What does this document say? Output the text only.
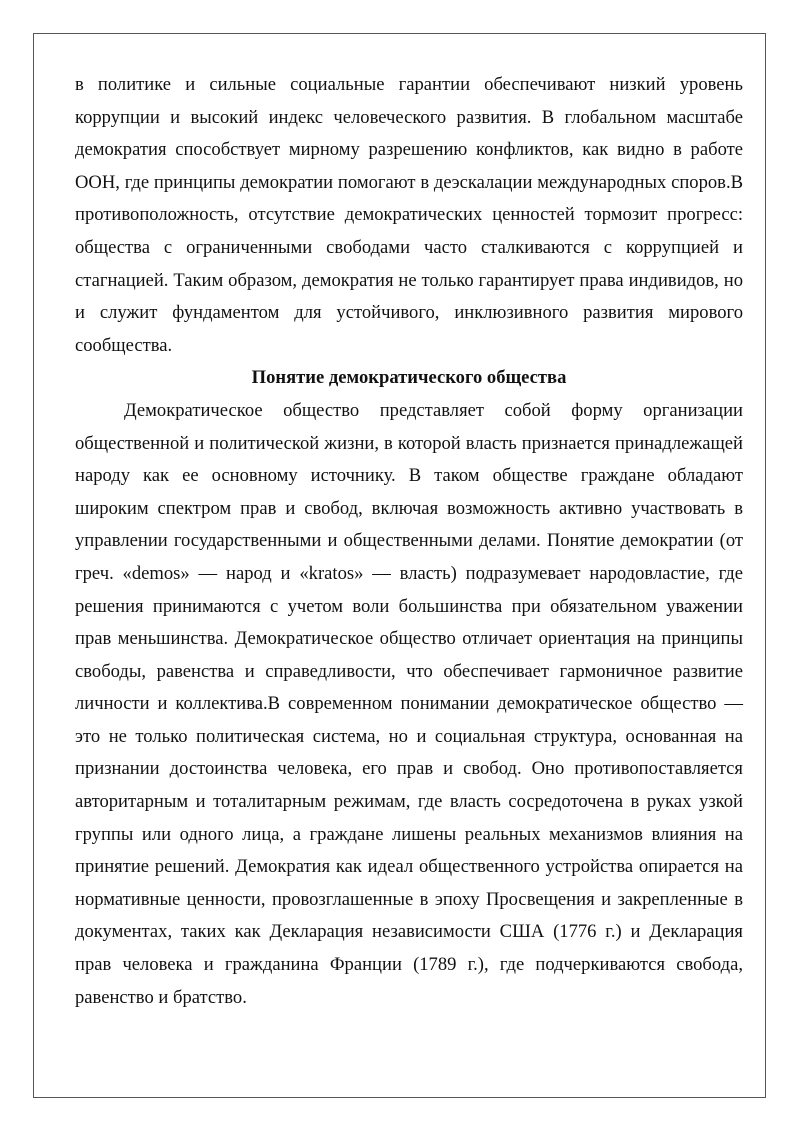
в политике и сильные социальные гарантии обеспечивают низкий уровень коррупции и высокий индекс человеческого развития. В глобальном масштабе демократия способствует мирному разрешению конфликтов, как видно в работе ООН, где принципы демократии помогают в деэскалации международных споров.В противоположность, отсутствие демократических ценностей тормозит прогресс: общества с ограниченными свободами часто сталкиваются с коррупцией и стагнацией. Таким образом, демократия не только гарантирует права индивидов, но и служит фундаментом для устойчивого, инклюзивного развития мирового сообщества.

Понятие демократического общества

Демократическое общество представляет собой форму организации общественной и политической жизни, в которой власть признается принадлежащей народу как ее основному источнику. В таком обществе граждане обладают широким спектром прав и свобод, включая возможность активно участвовать в управлении государственными и общественными делами. Понятие демократии (от греч. «demos» — народ и «kratos» — власть) подразумевает народовластие, где решения принимаются с учетом воли большинства при обязательном уважении прав меньшинства. Демократическое общество отличает ориентация на принципы свободы, равенства и справедливости, что обеспечивает гармоничное развитие личности и коллектива.В современном понимании демократическое общество — это не только политическая система, но и социальная структура, основанная на признании достоинства человека, его прав и свобод. Оно противопоставляется авторитарным и тоталитарным режимам, где власть сосредоточена в руках узкой группы или одного лица, а граждане лишены реальных механизмов влияния на принятие решений. Демократия как идеал общественного устройства опирается на нормативные ценности, провозглашенные в эпоху Просвещения и закрепленные в документах, таких как Декларация независимости США (1776 г.) и Декларация прав человека и гражданина Франции (1789 г.), где подчеркиваются свобода, равенство и братство.
